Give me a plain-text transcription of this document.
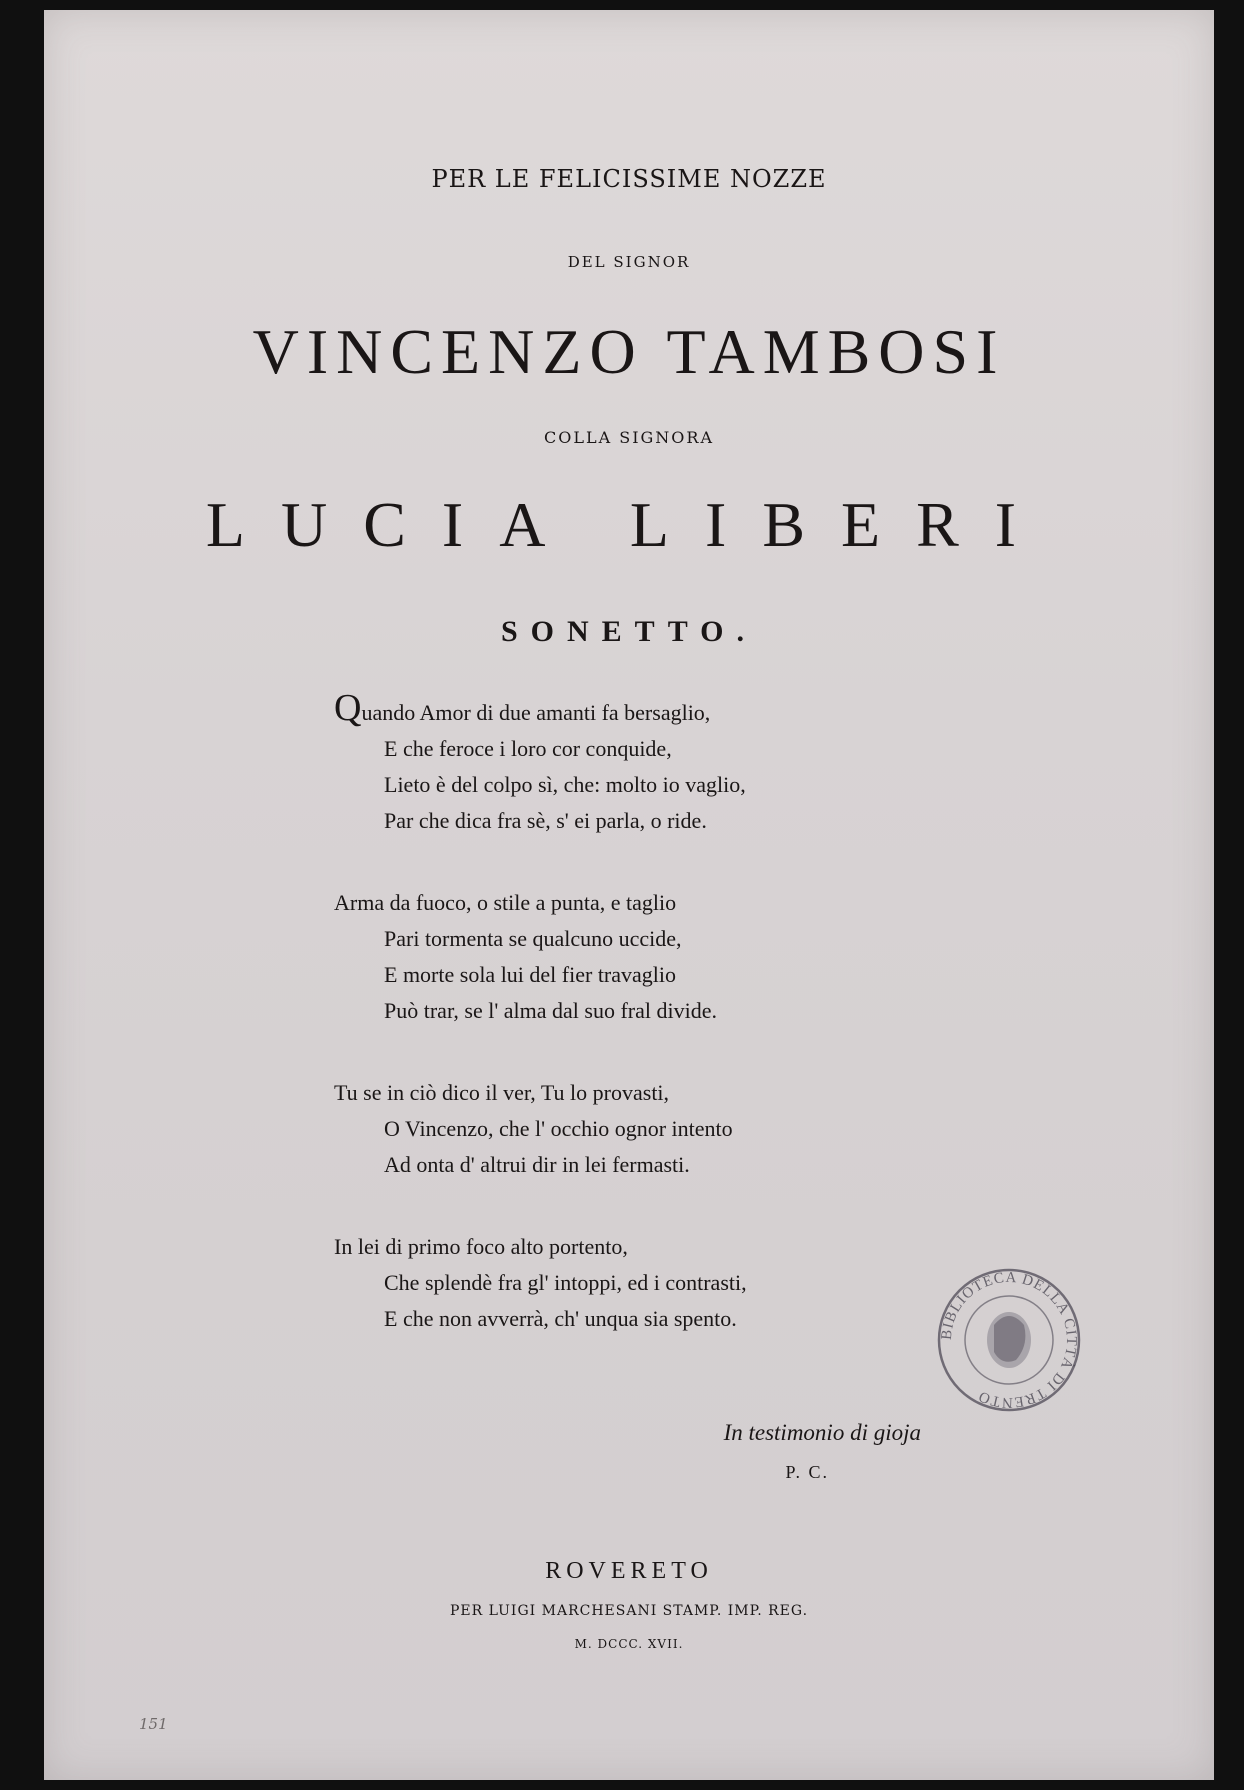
PER LE FELICISSIME NOZZE
DEL SIGNOR
VINCENZO TAMBOSI
COLLA SIGNORA
LUCIA LIBERI
SONETTO.
Quando Amor di due amanti fa bersaglio,
E che feroce i loro cor conquide,
Lieto è del colpo sì, che: molto io vaglio,
Par che dica fra sè, s' ei parla, o ride.
Arma da fuoco, o stile a punta, e taglio
Pari tormenta se qualcuno uccide,
E morte sola lui del fier travaglio
Può trar, se l' alma dal suo fral divide.
Tu se in ciò dico il ver, Tu lo provasti,
O Vincenzo, che l' occhio ognor intento
Ad onta d' altrui dir in lei fermasti.
In lei di primo foco alto portento,
Che splendè fra gl' intoppi, ed i contrasti,
E che non avverrà, ch' unqua sia spento.
BIBLIOTECA DELLA CITTÀ DI TRENTO
In testimonio di gioja
P. C.
ROVERETO
PER LUIGI MARCHESANI STAMP. IMP. REG.
M. DCCC. XVII.
151
